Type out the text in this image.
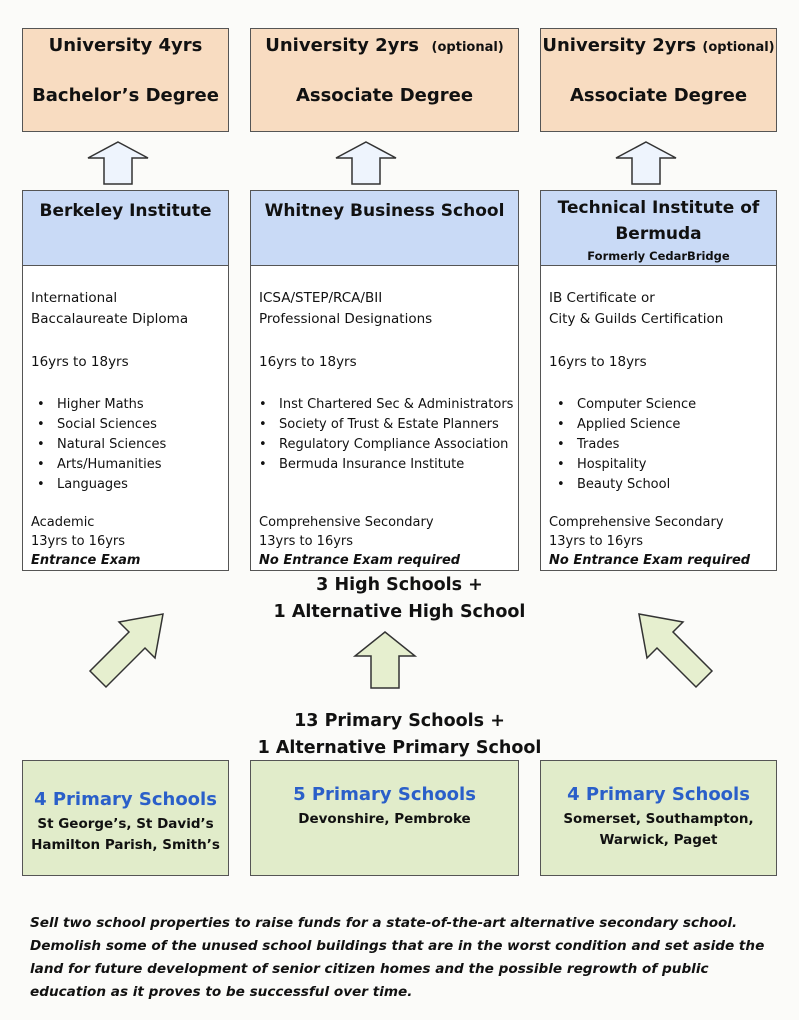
University 4yrs
Bachelor’s Degree
University 2yrs (optional)
Associate Degree
University 2yrs (optional)
Associate Degree
Berkeley Institute
International
Baccalaureate Diploma
16yrs to 18yrs
• Higher Maths
• Social Sciences
• Natural Sciences
• Arts/Humanities
• Languages
Academic
13yrs to 16yrs
Entrance Exam
Whitney Business School
ICSA/STEP/RCA/BII
Professional Designations
16yrs to 18yrs
• Inst Chartered Sec & Administrators
• Society of Trust & Estate Planners
• Regulatory Compliance Association
• Bermuda Insurance Institute
Comprehensive Secondary
13yrs to 16yrs
No Entrance Exam required
Technical Institute of Bermuda
Formerly CedarBridge
IB Certificate or
City & Guilds Certification
16yrs to 18yrs
• Computer Science
• Applied Science
• Trades
• Hospitality
• Beauty School
Comprehensive Secondary
13yrs to 16yrs
No Entrance Exam required
3 High Schools +
1 Alternative High School
13 Primary Schools +
1 Alternative Primary School
4 Primary Schools
St George’s, St David’s
Hamilton Parish, Smith’s
5 Primary Schools
Devonshire, Pembroke
4 Primary Schools
Somerset, Southampton,
Warwick, Paget
Sell two school properties to raise funds for a state-of-the-art alternative secondary school. Demolish some of the unused school buildings that are in the worst condition and set aside the land for future development of senior citizen homes and the possible regrowth of public education as it proves to be successful over time.
